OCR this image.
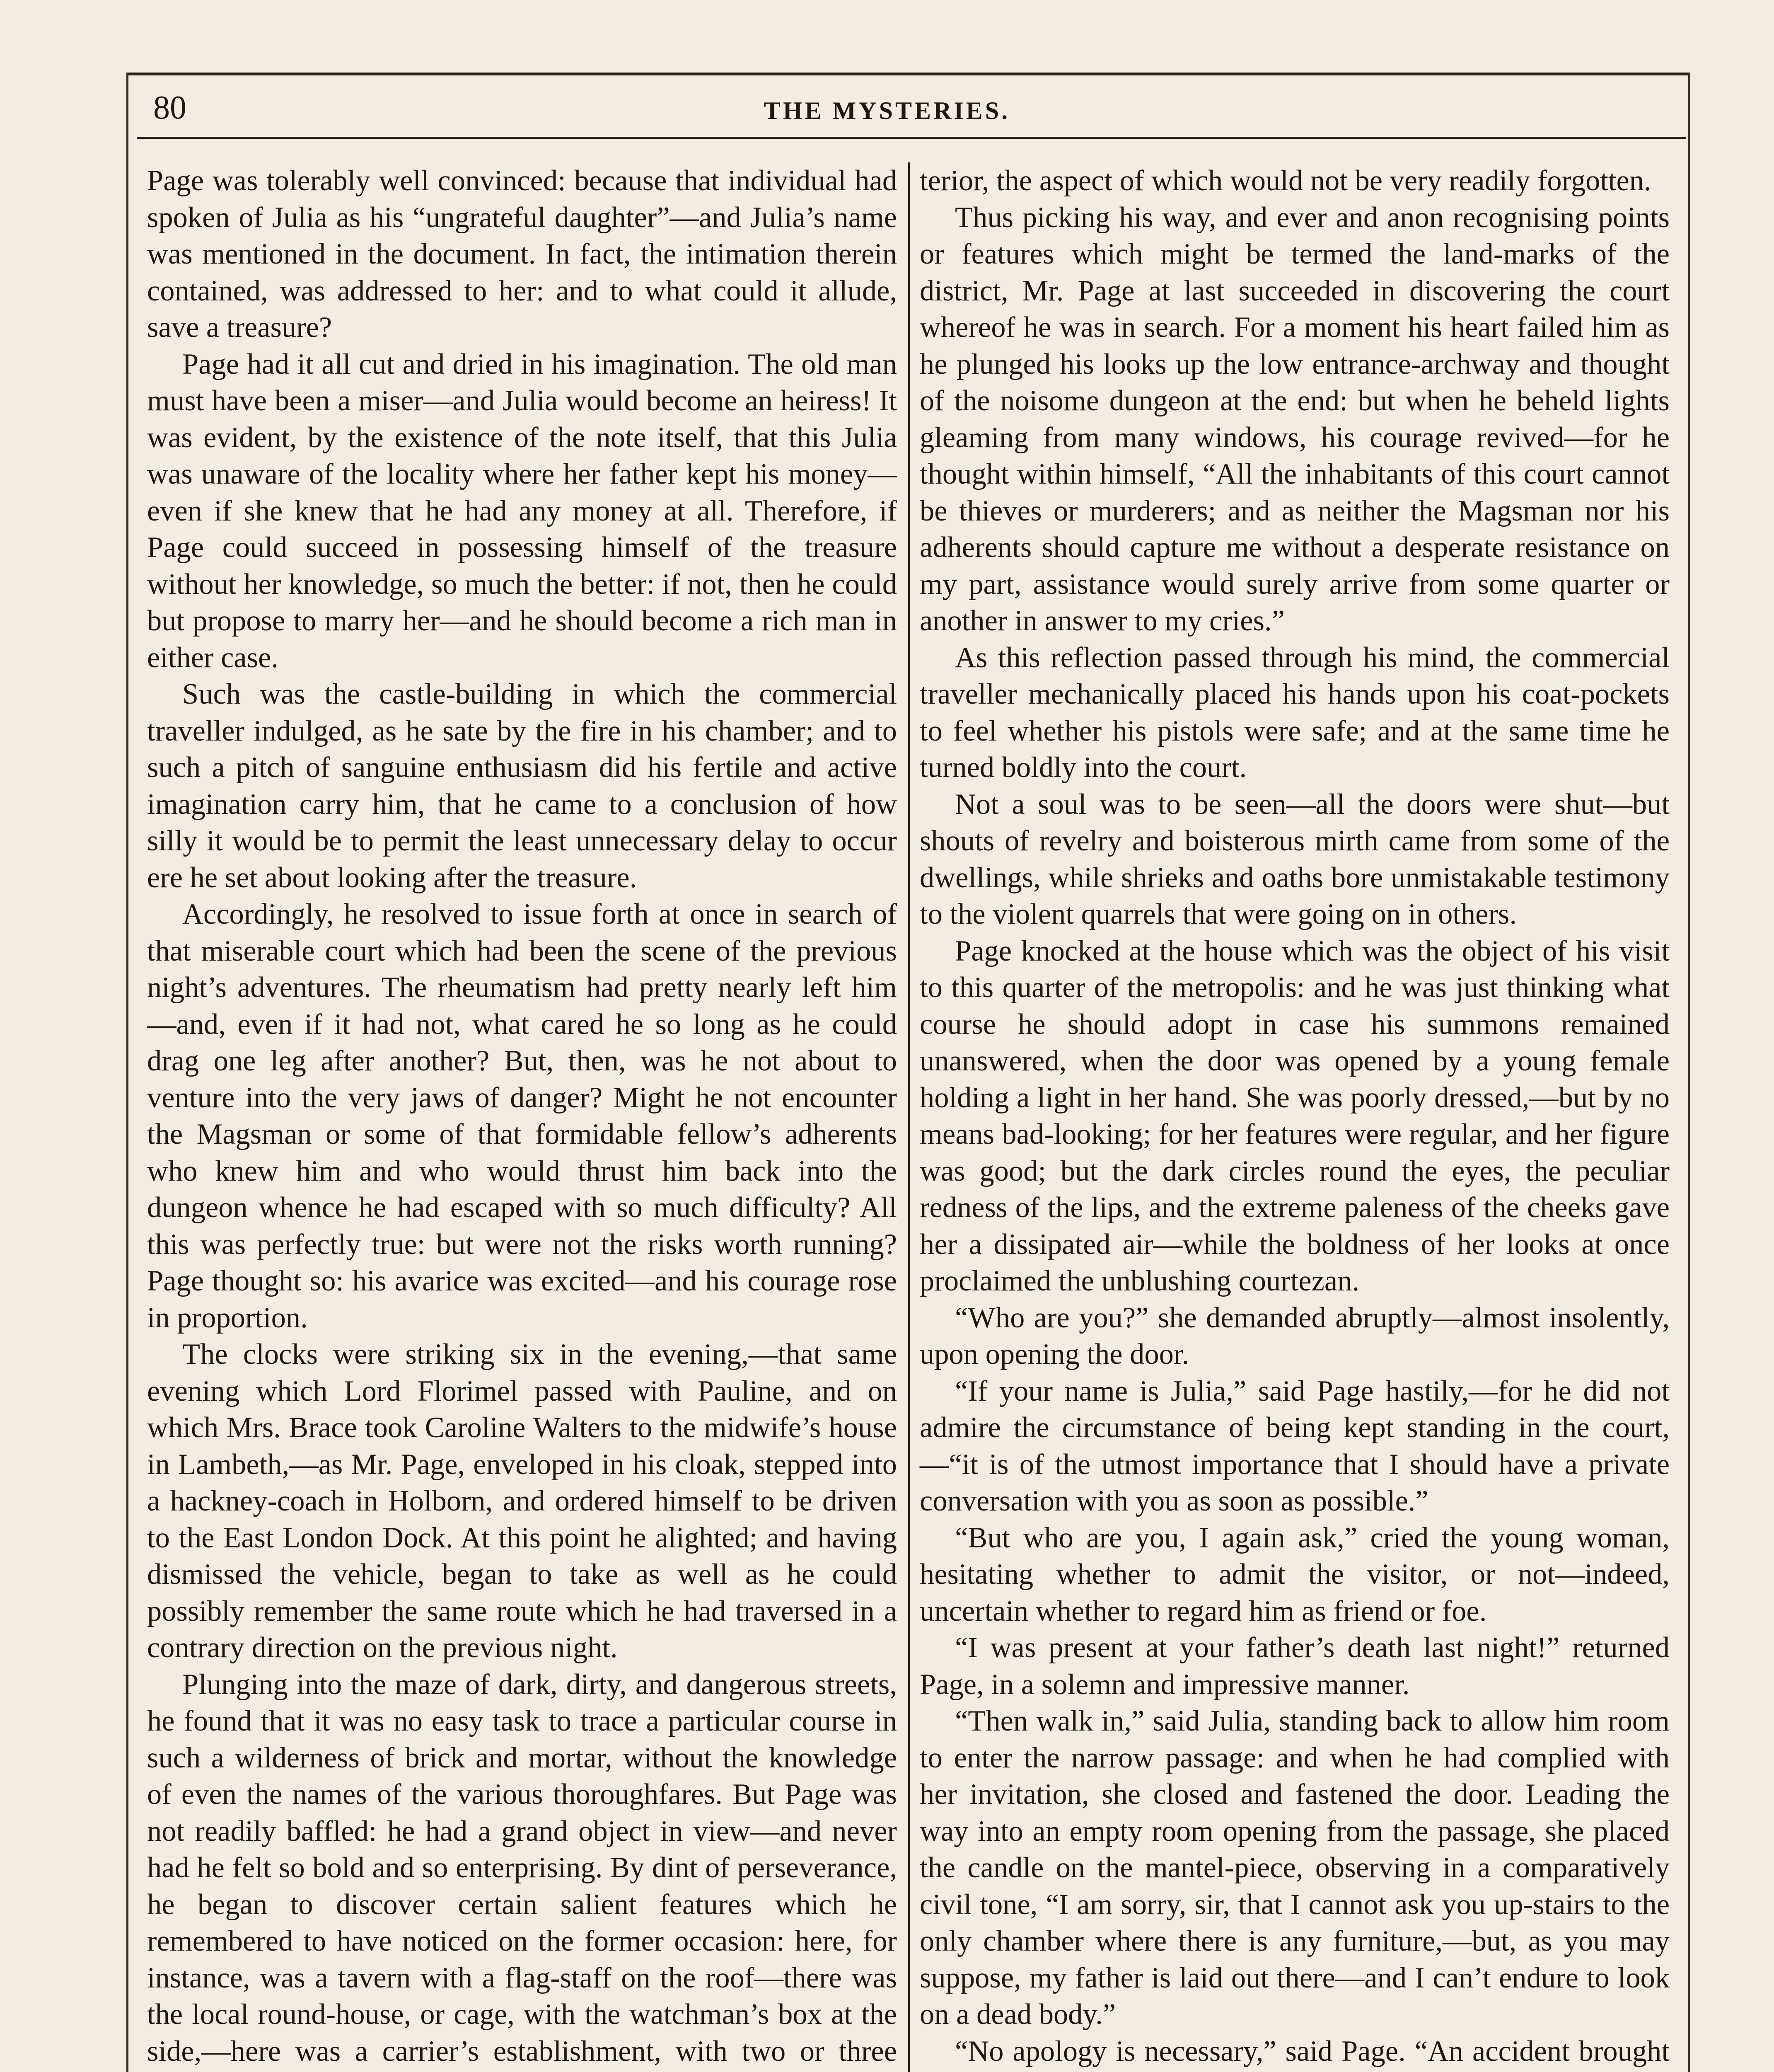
80	THE MYSTERIES.

Page was tolerably well convinced: because that individual had spoken of Julia as his “ungrateful daughter”—and Julia’s name was mentioned in the document. In fact, the intimation therein contained, was addressed to her: and to what could it allude, save a treasure?

Page had it all cut and dried in his imagination. The old man must have been a miser—and Julia would become an heiress! It was evident, by the existence of the note itself, that this Julia was unaware of the locality where her father kept his money—even if she knew that he had any money at all. Therefore, if Page could succeed in possessing himself of the treasure without her knowledge, so much the better: if not, then he could but propose to marry her—and he should become a rich man in either case.

Such was the castle-building in which the commercial traveller indulged, as he sate by the fire in his chamber; and to such a pitch of sanguine enthusiasm did his fertile and active imagination carry him, that he came to a conclusion of how silly it would be to permit the least unnecessary delay to occur ere he set about looking after the treasure.

Accordingly, he resolved to issue forth at once in search of that miserable court which had been the scene of the previous night’s adventures. The rheumatism had pretty nearly left him—and, even if it had not, what cared he so long as he could drag one leg after another? But, then, was he not about to venture into the very jaws of danger? Might he not encounter the Magsman or some of that formidable fellow’s adherents who knew him and who would thrust him back into the dungeon whence he had escaped with so much difficulty? All this was perfectly true: but were not the risks worth running? Page thought so: his avarice was excited—and his courage rose in proportion.

The clocks were striking six in the evening,—that same evening which Lord Florimel passed with Pauline, and on which Mrs. Brace took Caroline Walters to the midwife’s house in Lambeth,—as Mr. Page, enveloped in his cloak, stepped into a hackney-coach in Holborn, and ordered himself to be driven to the East London Dock. At this point he alighted; and having dismissed the vehicle, began to take as well as he could possibly remember the same route which he had traversed in a contrary direction on the previous night.

Plunging into the maze of dark, dirty, and dangerous streets, he found that it was no easy task to trace a particular course in such a wilderness of brick and mortar, without the knowledge of even the names of the various thoroughfares. But Page was not readily baffled: he had a grand object in view—and never had he felt so bold and so enterprising. By dint of perseverance, he began to discover certain salient features which he remembered to have noticed on the former occasion: here, for instance, was a tavern with a flag-staff on the roof—there was the local round-house, or cage, with the watchman’s box at the side,—here was a carrier’s establishment, with two or three

terior, the aspect of which would not be very readily forgotten.

Thus picking his way, and ever and anon recognising points or features which might be termed the land-marks of the district, Mr. Page at last succeeded in discovering the court whereof he was in search. For a moment his heart failed him as he plunged his looks up the low entrance-archway and thought of the noisome dungeon at the end: but when he beheld lights gleaming from many windows, his courage revived—for he thought within himself, “All the inhabitants of this court cannot be thieves or murderers; and as neither the Magsman nor his adherents should capture me without a desperate resistance on my part, assistance would surely arrive from some quarter or another in answer to my cries.”

As this reflection passed through his mind, the commercial traveller mechanically placed his hands upon his coat-pockets to feel whether his pistols were safe; and at the same time he turned boldly into the court.

Not a soul was to be seen—all the doors were shut—but shouts of revelry and boisterous mirth came from some of the dwellings, while shrieks and oaths bore unmistakable testimony to the violent quarrels that were going on in others.

Page knocked at the house which was the object of his visit to this quarter of the metropolis: and he was just thinking what course he should adopt in case his summons remained unanswered, when the door was opened by a young female holding a light in her hand. She was poorly dressed,—but by no means bad-looking; for her features were regular, and her figure was good; but the dark circles round the eyes, the peculiar redness of the lips, and the extreme paleness of the cheeks gave her a dissipated air—while the boldness of her looks at once proclaimed the unblushing courtezan.

“Who are you?” she demanded abruptly—almost insolently, upon opening the door.

“If your name is Julia,” said Page hastily,—for he did not admire the circumstance of being kept standing in the court,—“it is of the utmost importance that I should have a private conversation with you as soon as possible.”

“But who are you, I again ask,” cried the young woman, hesitating whether to admit the visitor, or not—indeed, uncertain whether to regard him as friend or foe.

“I was present at your father’s death last night!” returned Page, in a solemn and impressive manner.

“Then walk in,” said Julia, standing back to allow him room to enter the narrow passage: and when he had complied with her invitation, she closed and fastened the door. Leading the way into an empty room opening from the passage, she placed the candle on the mantel-piece, observing in a comparatively civil tone, “I am sorry, sir, that I cannot ask you up-stairs to the only chamber where there is any furniture,—but, as you may suppose, my father is laid out there—and I can’t endure to look on a dead body.”

“No apology is necessary,” said Page. “An accident brought
